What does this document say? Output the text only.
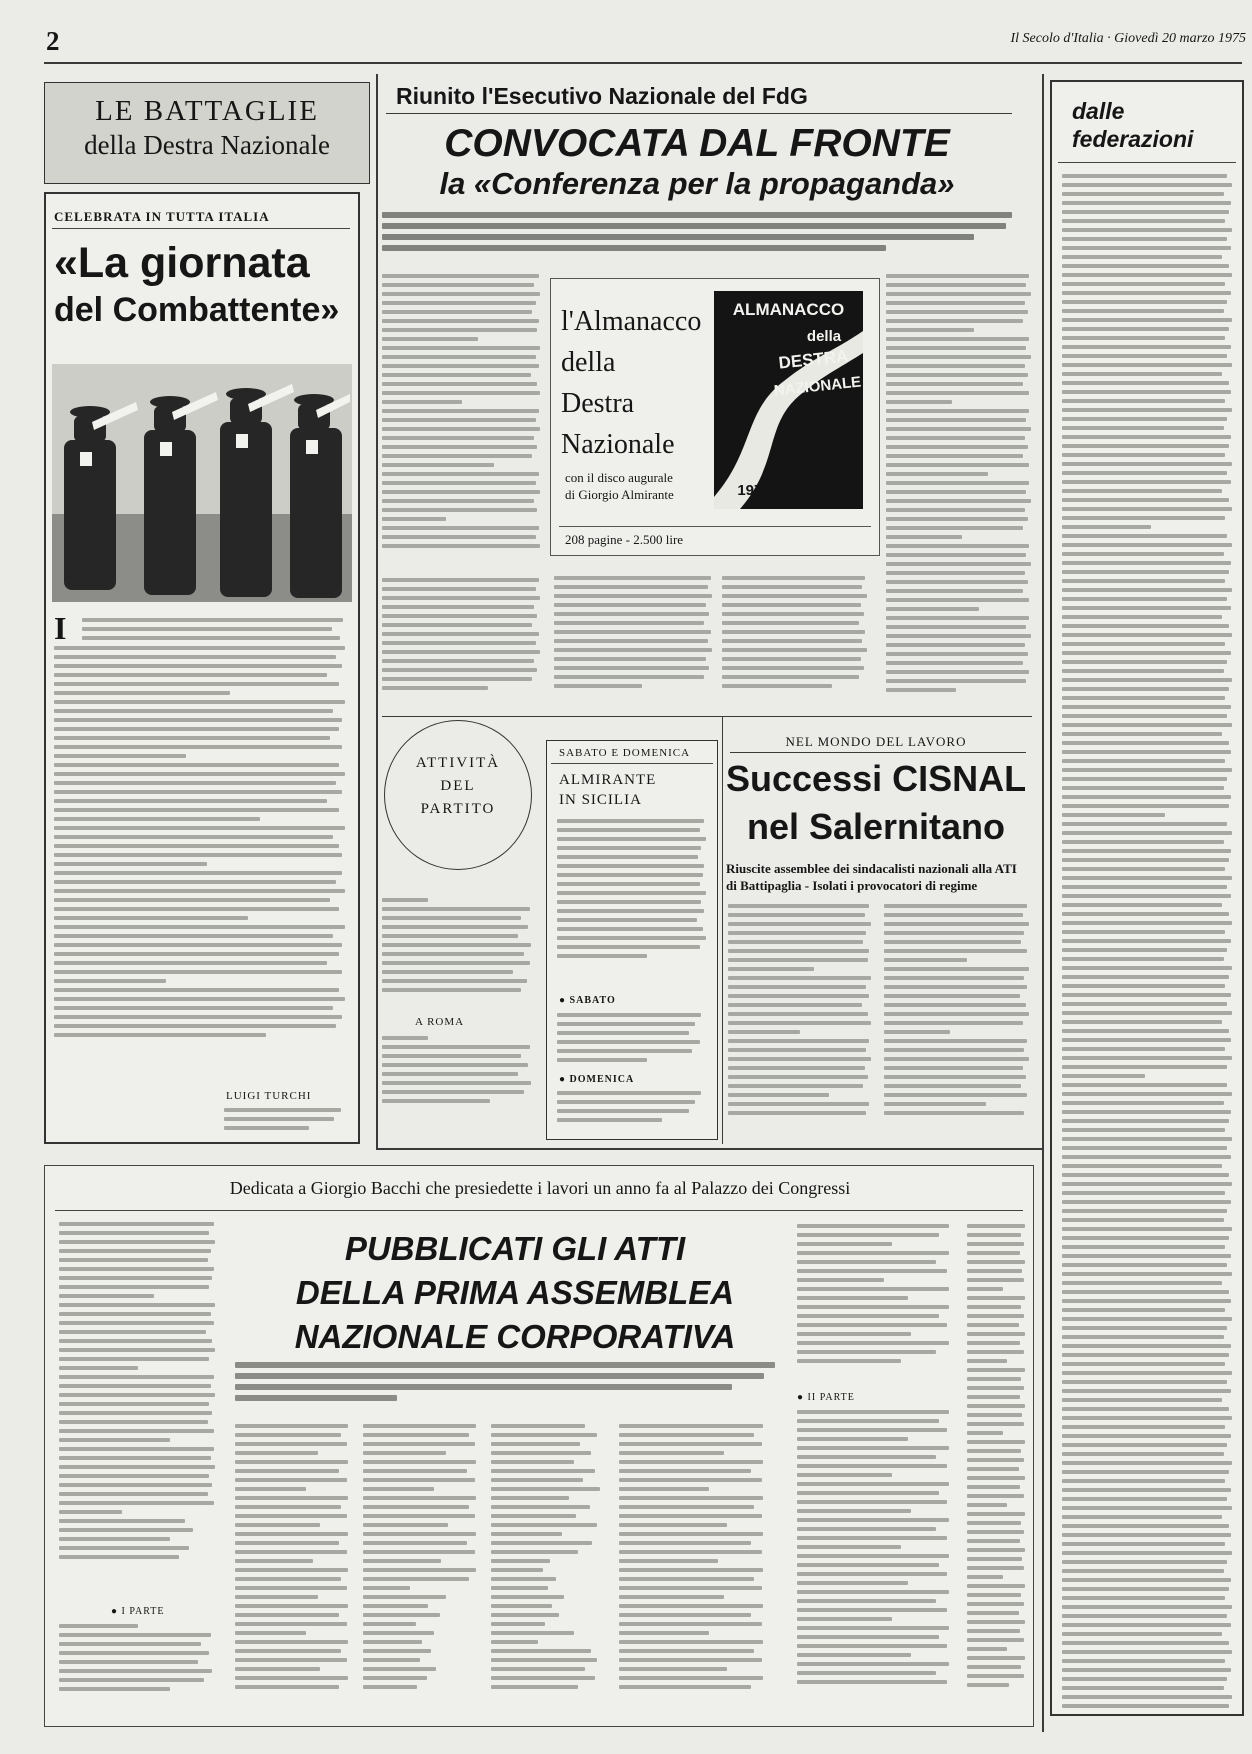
2	Il Secolo d'Italia · Giovedì 20 marzo 1975
LE BATTAGLIE
della Destra Nazionale
CELEBRATA IN TUTTA ITALIA
«La giornata
del Combattente»
I
LUIGI TURCHI
Riunito l'Esecutivo Nazionale del FdG
CONVOCATA DAL FRONTE
la «Conferenza per la propaganda»
l'Almanacco
della
Destra
Nazionale
ALMANACCO
della
DESTRA
NAZIONALE
1975
con il disco augurale
di Giorgio Almirante
208 pagine - 2.500 lire
ATTIVITÀ
DEL
PARTITO
A ROMA
SABATO E DOMENICA
ALMIRANTE
IN SICILIA
● SABATO
● DOMENICA
NEL MONDO DEL LAVORO
Successi CISNAL
nel Salernitano
Riuscite assemblee dei sindacalisti nazionali alla ATI di Battipaglia - Isolati i provocatori di regime
dalle
federazioni
Dedicata a Giorgio Bacchi che presiedette i lavori un anno fa al Palazzo dei Congressi
PUBBLICATI GLI ATTI
DELLA PRIMA ASSEMBLEA
NAZIONALE CORPORATIVA
● I PARTE
● II PARTE
